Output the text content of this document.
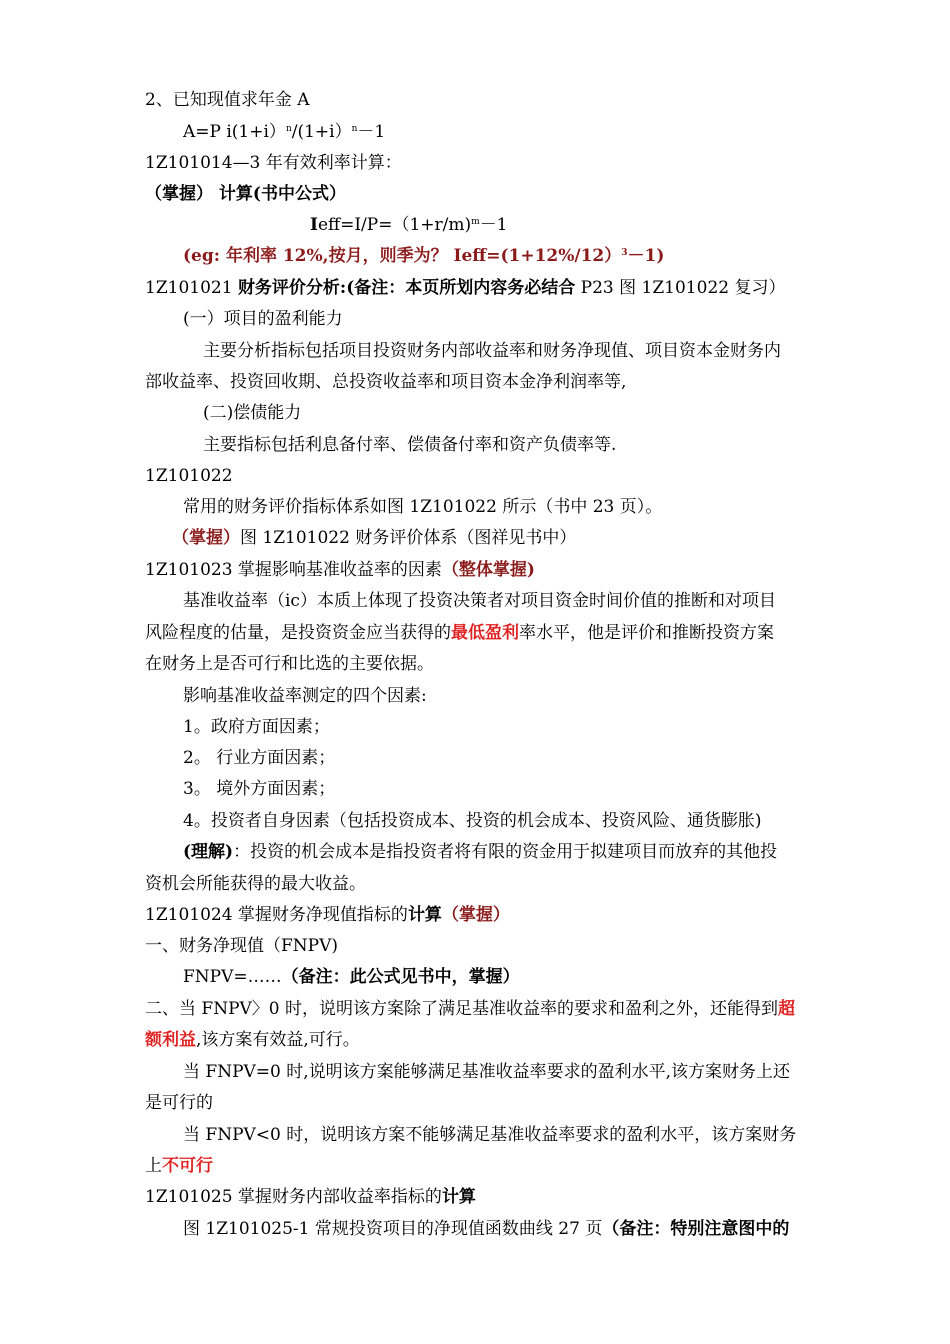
2、已知现值求年金 A
A=P i(1+i）$^n$/(1+i）$^n$－1
1Z101014—3 年有效利率计算：
（掌握） 计算(书中公式）
Ieff=I/P=（1+r/m)$^m$－1
(eg: 年利率 12%,按月，则季为？ Ieff=(1+12%/12）$^3$－1)
1Z101021 财务评价分析:(备注：本页所划内容务必结合 P23 图 1Z101022 复习）
(一）项目的盈利能力
主要分析指标包括项目投资财务内部收益率和财务净现值、项目资本金财务内
部收益率、投资回收期、总投资收益率和项目资本金净利润率等,
(二)偿债能力
主要指标包括利息备付率、偿债备付率和资产负债率等.
1Z101022
常用的财务评价指标体系如图 1Z101022 所示（书中 23 页）。
（掌握）图 1Z101022 财务评价体系（图祥见书中）
1Z101023 掌握影响基准收益率的因素（整体掌握)
基准收益率（ic）本质上体现了投资决策者对项目资金时间价值的推断和对项目
风险程度的估量，是投资资金应当获得的最低盈利率水平，他是评价和推断投资方案
在财务上是否可行和比选的主要依据。
影响基准收益率测定的四个因素:
1。政府方面因素；
2。 行业方面因素；
3。 境外方面因素；
4。投资者自身因素（包括投资成本、投资的机会成本、投资风险、通货膨胀)
(理解)：投资的机会成本是指投资者将有限的资金用于拟建项目而放弃的其他投
资机会所能获得的最大收益。
1Z101024 掌握财务净现值指标的计算（掌握）
一、财务净现值（FNPV)
FNPV=……（备注：此公式见书中，掌握）
二、当 FNPV〉0 时，说明该方案除了满足基准收益率的要求和盈利之外，还能得到超
额利益,该方案有效益,可行。
当 FNPV=0 时,说明该方案能够满足基准收益率要求的盈利水平,该方案财务上还
是可行的
当 FNPV<0 时，说明该方案不能够满足基准收益率要求的盈利水平，该方案财务
上不可行
1Z101025 掌握财务内部收益率指标的计算
图 1Z101025-1 常规投资项目的净现值函数曲线 27 页（备注：特别注意图中的
